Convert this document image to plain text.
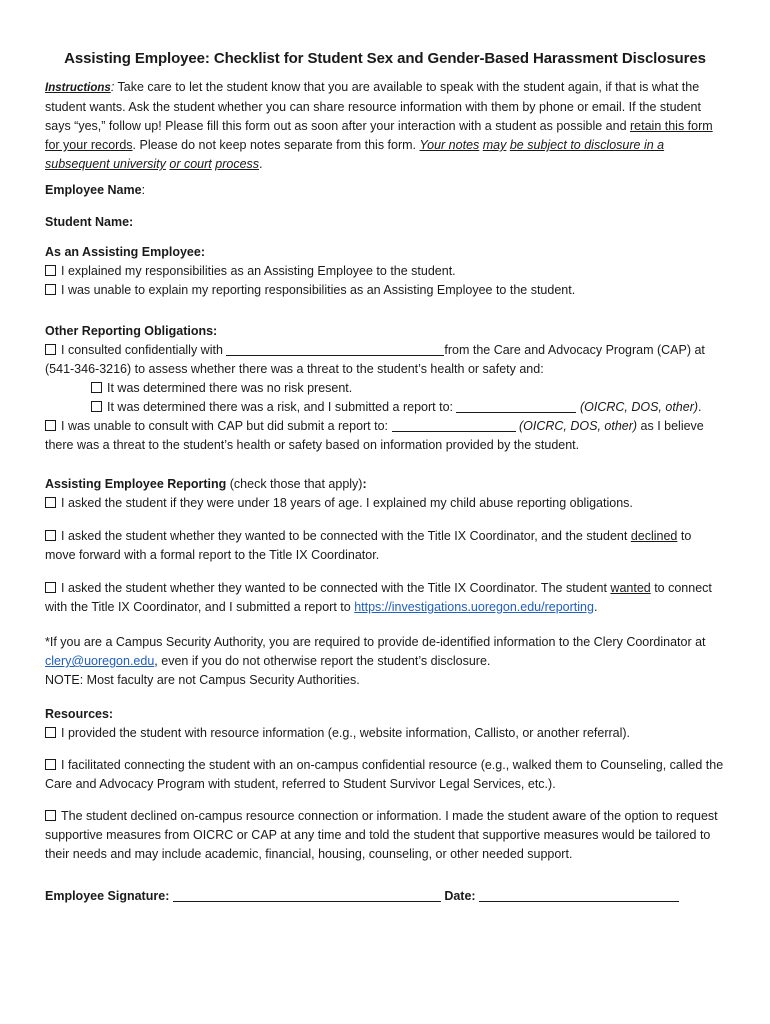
Assisting Employee: Checklist for Student Sex and Gender-Based Harassment Disclosures
Instructions: Take care to let the student know that you are available to speak with the student again, if that is what the student wants. Ask the student whether you can share resource information with them by phone or email. If the student says “yes,” follow up! Please fill this form out as soon after your interaction with a student as possible and retain this form for your records. Please do not keep notes separate from this form. Your notes may be subject to disclosure in a subsequent university or court process.
Employee Name:
Student Name:
As an Assisting Employee:
I explained my responsibilities as an Assisting Employee to the student.
I was unable to explain my reporting responsibilities as an Assisting Employee to the student.
Other Reporting Obligations:
I consulted confidentially with	from the Care and Advocacy Program (CAP) at (541-346-3216) to assess whether there was a threat to the student’s health or safety and:
It was determined there was no risk present.
It was determined there was a risk, and I submitted a report to:	(OICRC, DOS, other).
I was unable to consult with CAP but did submit a report to:	(OICRC, DOS, other) as I believe there was a threat to the student’s health or safety based on information provided by the student.
Assisting Employee Reporting (check those that apply):
I asked the student if they were under 18 years of age. I explained my child abuse reporting obligations.
I asked the student whether they wanted to be connected with the Title IX Coordinator, and the student declined to move forward with a formal report to the Title IX Coordinator.
I asked the student whether they wanted to be connected with the Title IX Coordinator. The student wanted to connect with the Title IX Coordinator, and I submitted a report to https://investigations.uoregon.edu/reporting.
*If you are a Campus Security Authority, you are required to provide de-identified information to the Clery Coordinator at clery@uoregon.edu, even if you do not otherwise report the student’s disclosure.
NOTE: Most faculty are not Campus Security Authorities.
Resources:
I provided the student with resource information (e.g., website information, Callisto, or another referral).
I facilitated connecting the student with an on-campus confidential resource (e.g., walked them to Counseling, called the Care and Advocacy Program with student, referred to Student Survivor Legal Services, etc.).
The student declined on-campus resource connection or information. I made the student aware of the option to request supportive measures from OICRC or CAP at any time and told the student that supportive measures would be tailored to their needs and may include academic, financial, housing, counseling, or other needed support.
Employee Signature:	Date:
